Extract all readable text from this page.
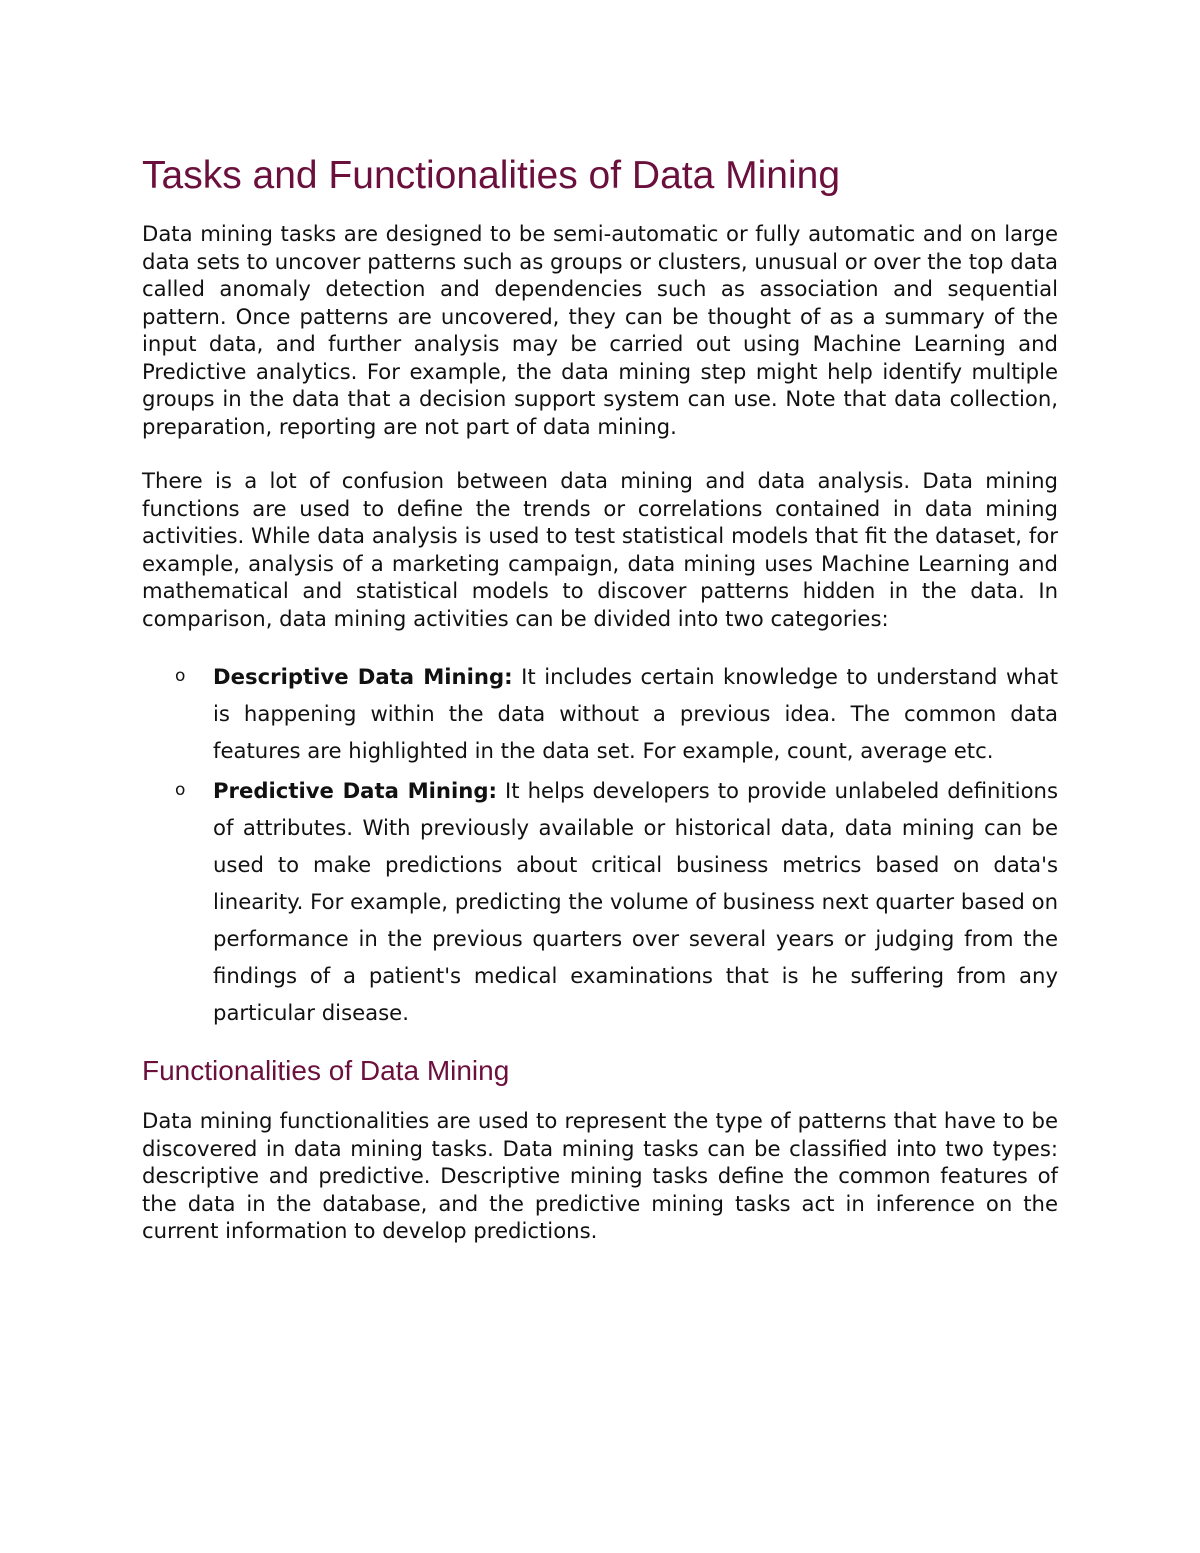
Tasks and Functionalities of Data Mining

Data mining tasks are designed to be semi-automatic or fully automatic and on large data sets to uncover patterns such as groups or clusters, unusual or over the top data called anomaly detection and dependencies such as association and sequential pattern. Once patterns are uncovered, they can be thought of as a summary of the input data, and further analysis may be carried out using Machine Learning and Predictive analytics. For example, the data mining step might help identify multiple groups in the data that a decision support system can use. Note that data collection, preparation, reporting are not part of data mining.

There is a lot of confusion between data mining and data analysis. Data mining functions are used to define the trends or correlations contained in data mining activities. While data analysis is used to test statistical models that fit the dataset, for example, analysis of a marketing campaign, data mining uses Machine Learning and mathematical and statistical models to discover patterns hidden in the data. In comparison, data mining activities can be divided into two categories:

o Descriptive Data Mining: It includes certain knowledge to understand what is happening within the data without a previous idea. The common data features are highlighted in the data set. For example, count, average etc.
o Predictive Data Mining: It helps developers to provide unlabeled definitions of attributes. With previously available or historical data, data mining can be used to make predictions about critical business metrics based on data's linearity. For example, predicting the volume of business next quarter based on performance in the previous quarters over several years or judging from the findings of a patient's medical examinations that is he suffering from any particular disease.
Functionalities of Data Mining

Data mining functionalities are used to represent the type of patterns that have to be discovered in data mining tasks. Data mining tasks can be classified into two types: descriptive and predictive. Descriptive mining tasks define the common features of the data in the database, and the predictive mining tasks act in inference on the current information to develop predictions.
